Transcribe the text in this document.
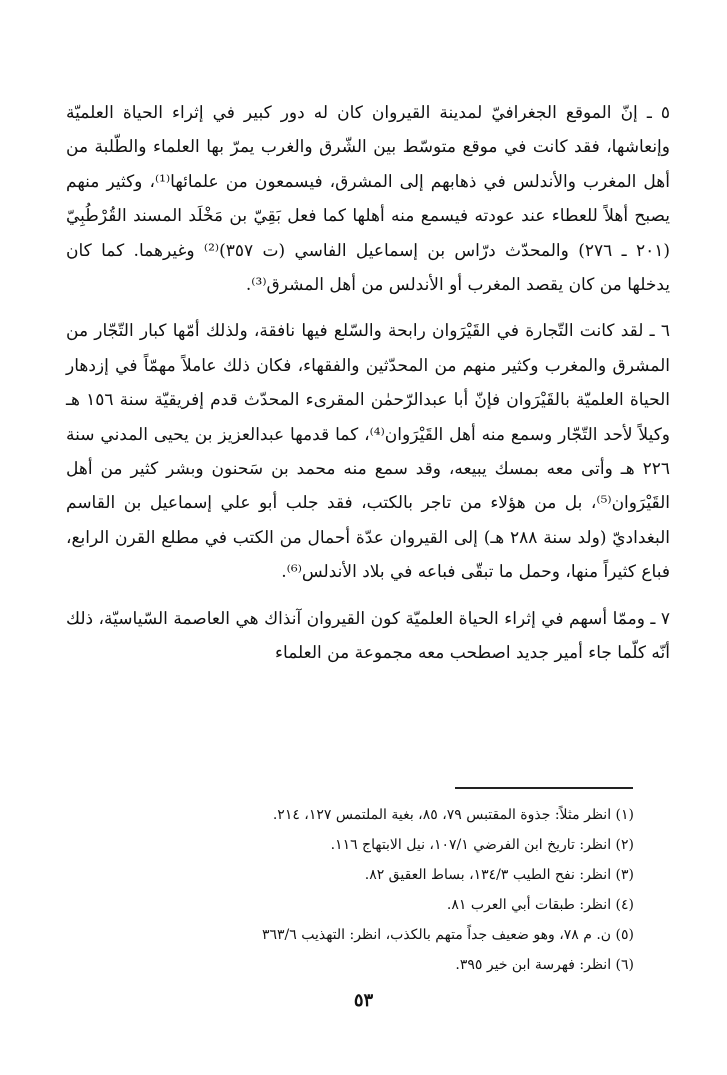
٥ ـ إنّ الموقع الجغرافيّ لمدينة القيروان كان له دور كبير في إثراء الحياة العلميّة وإنعاشها، فقد كانت في موقع متوسّط بين الشّرق والغرب يمرّ بها العلماء والطّلبة من أهل المغرب والأندلس في ذهابهم إلى المشرق، فيسمعون من علمائها⁽¹⁾، وكثير منهم يصبح أهلاً للعطاء عند عودته فيسمع منه أهلها كما فعل بَقِيّ بن مَخْلَد المسند القُرْطُبِيّ (٢٠١ ـ ٢٧٦) والمحدّث درّاس بن إسماعيل الفاسي (ت ٣٥٧)⁽²⁾ وغيرهما. كما كان يدخلها من كان يقصد المغرب أو الأندلس من أهل المشرق⁽³⁾.

٦ ـ لقد كانت التّجارة في القَيْرَوان رابحة والسّلع فيها نافقة، ولذلك أمّها كبار التّجّار من المشرق والمغرب وكثير منهم من المحدّثين والفقهاء، فكان ذلك عاملاً مهمّاً في إزدهار الحياة العلميّة بالقَيْرَوان فإنّ أبا عبدالرّحمٰن المقرىء المحدّث قدم إفريقيّة سنة ١٥٦ هـ وكيلاً لأحد التّجّار وسمع منه أهل القَيْرَوان⁽⁴⁾، كما قدمها عبدالعزيز بن يحيى المدني سنة ٢٢٦ هـ وأتى معه بمسك يبيعه، وقد سمع منه محمد بن سَحنون وبشر كثير من أهل القَيْرَوان⁽⁵⁾، بل من هؤلاء من تاجر بالكتب، فقد جلب أبو علي إسماعيل بن القاسم البغداديّ (ولد سنة ٢٨٨ هـ) إلى القيروان عدّة أحمال من الكتب في مطلع القرن الرابع، فباع كثيراً منها، وحمل ما تبقّى فباعه في بلاد الأندلس⁽⁶⁾.

٧ ـ وممّا أسهم في إثراء الحياة العلميّة كون القيروان آنذاك هي العاصمة السّياسيّة، ذلك أنّه كلّما جاء أمير جديد اصطحب معه مجموعة من العلماء

(١) انظر مثلاً: جذوة المقتبس ٧٩، ٨٥، بغية الملتمس ١٢٧، ٢١٤.
(٢) انظر: تاريخ ابن الفرضي ١٠٧/١، نيل الابتهاج ١١٦.
(٣) انظر: نفح الطيب ١٣٤/٣، بساط العقيق ٨٢.
(٤) انظر: طبقات أبي العرب ٨١.
(٥) ن. م ٧٨، وهو ضعيف جداً متهم بالكذب، انظر: التهذيب ٣٦٣/٦
(٦) انظر: فهرسة ابن خير ٣٩٥.
٥٣
